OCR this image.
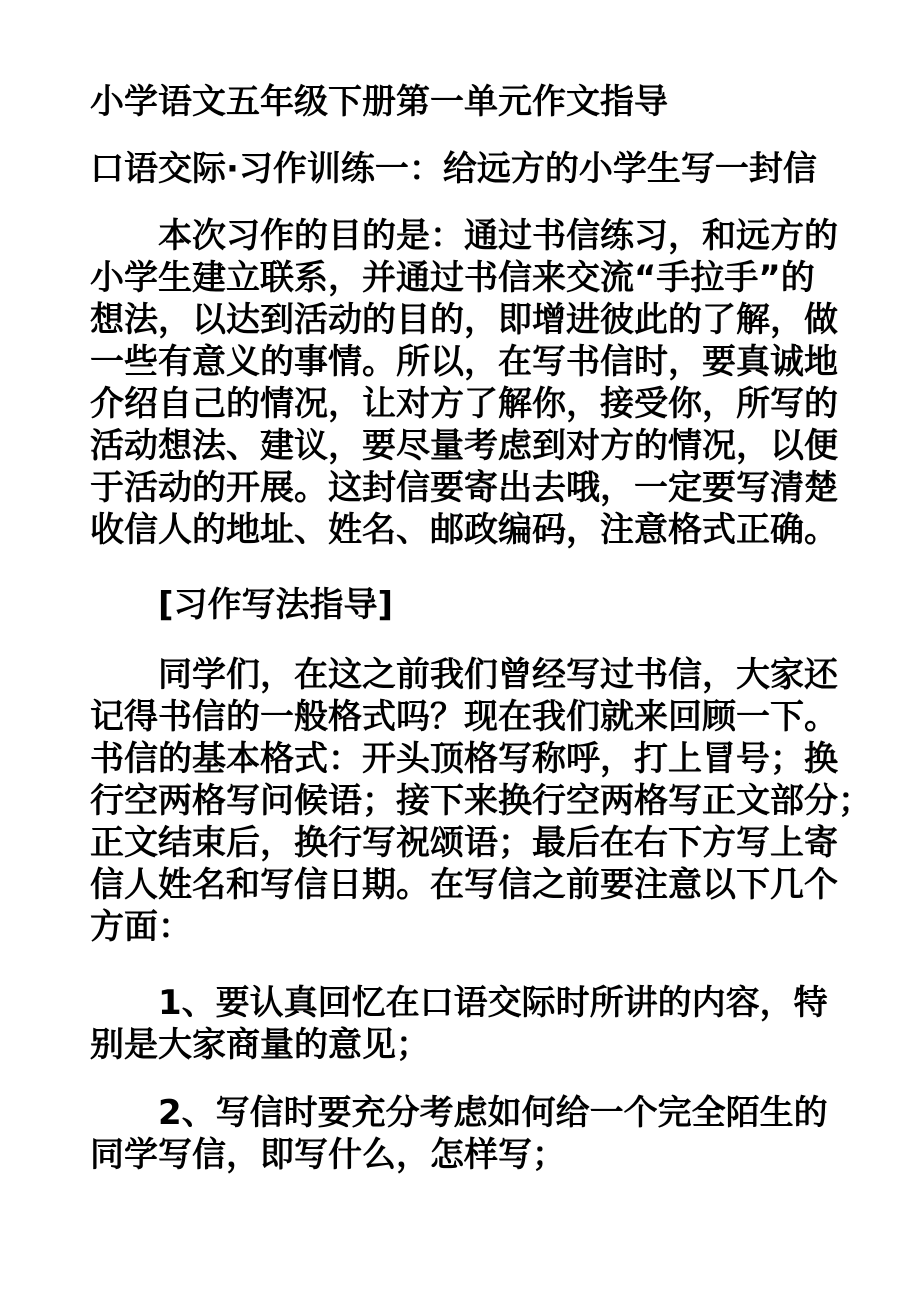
小学语文五年级下册第一单元作文指导
口语交际·习作训练一：给远方的小学生写一封信
本次习作的目的是：通过书信练习，和远方的
小学生建立联系，并通过书信来交流“手拉手”的
想法，以达到活动的目的，即增进彼此的了解，做
一些有意义的事情。所以，在写书信时，要真诚地
介绍自己的情况，让对方了解你，接受你，所写的
活动想法、建议，要尽量考虑到对方的情况，以便
于活动的开展。这封信要寄出去哦，一定要写清楚
收信人的地址、姓名、邮政编码，注意格式正确。
[习作写法指导]
同学们，在这之前我们曾经写过书信，大家还
记得书信的一般格式吗？现在我们就来回顾一下。
书信的基本格式：开头顶格写称呼，打上冒号；换
行空两格写问候语；接下来换行空两格写正文部分；
正文结束后，换行写祝颂语；最后在右下方写上寄
信人姓名和写信日期。在写信之前要注意以下几个
方面：
1、要认真回忆在口语交际时所讲的内容，特
别是大家商量的意见；
2、写信时要充分考虑如何给一个完全陌生的
同学写信，即写什么，怎样写；
